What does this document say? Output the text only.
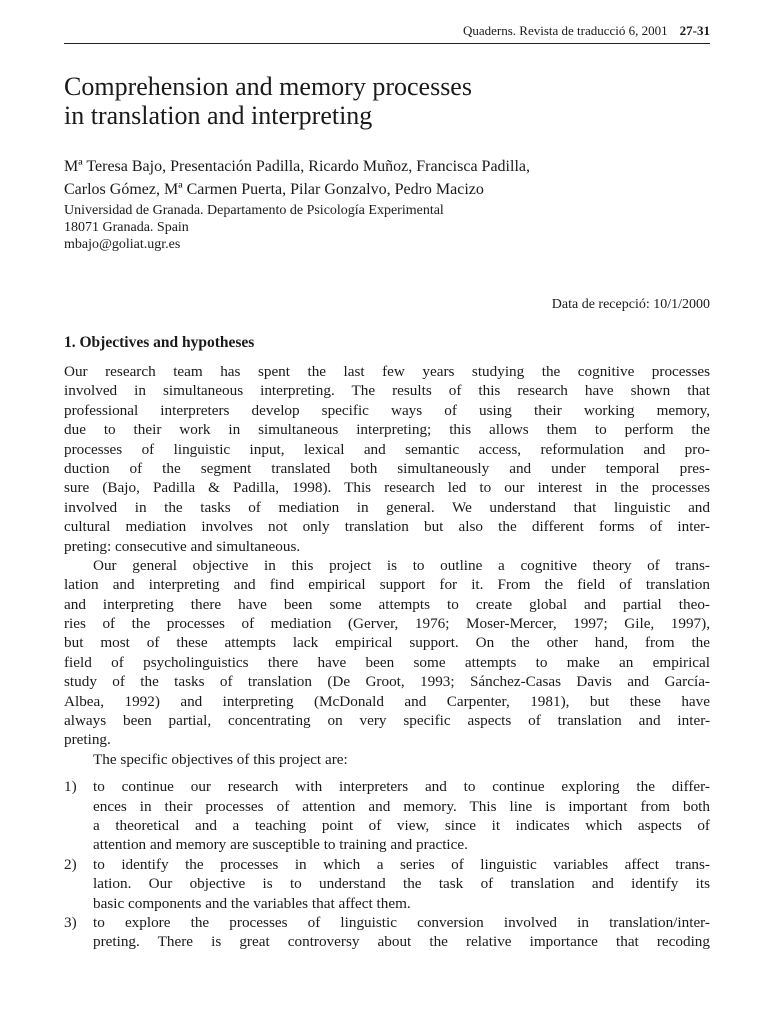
Quaderns. Revista de traducció 6, 2001 27-31
Comprehension and memory processes
in translation and interpreting
Mª Teresa Bajo, Presentación Padilla, Ricardo Muñoz, Francisca Padilla,
Carlos Gómez, Mª Carmen Puerta, Pilar Gonzalvo, Pedro Macizo
Universidad de Granada. Departamento de Psicología Experimental
18071 Granada. Spain
mbajo@goliat.ugr.es
Data de recepció: 10/1/2000
1. Objectives and hypotheses
Our research team has spent the last few years studying the cognitive processes
involved in simultaneous interpreting. The results of this research have shown that
professional interpreters develop specific ways of using their working memory,
due to their work in simultaneous interpreting; this allows them to perform the
processes of linguistic input, lexical and semantic access, reformulation and pro-
duction of the segment translated both simultaneously and under temporal pres-
sure (Bajo, Padilla & Padilla, 1998). This research led to our interest in the processes
involved in the tasks of mediation in general. We understand that linguistic and
cultural mediation involves not only translation but also the different forms of inter-
preting: consecutive and simultaneous.
Our general objective in this project is to outline a cognitive theory of trans-
lation and interpreting and find empirical support for it. From the field of translation
and interpreting there have been some attempts to create global and partial theo-
ries of the processes of mediation (Gerver, 1976; Moser-Mercer, 1997; Gile, 1997),
but most of these attempts lack empirical support. On the other hand, from the
field of psycholinguistics there have been some attempts to make an empirical
study of the tasks of translation (De Groot, 1993; Sánchez-Casas Davis and García-
Albea, 1992) and interpreting (McDonald and Carpenter, 1981), but these have
always been partial, concentrating on very specific aspects of translation and inter-
preting.
The specific objectives of this project are:
1) to continue our research with interpreters and to continue exploring the differ-
ences in their processes of attention and memory. This line is important from both
a theoretical and a teaching point of view, since it indicates which aspects of
attention and memory are susceptible to training and practice.
2) to identify the processes in which a series of linguistic variables affect trans-
lation. Our objective is to understand the task of translation and identify its
basic components and the variables that affect them.
3) to explore the processes of linguistic conversion involved in translation/inter-
preting. There is great controversy about the relative importance that recoding
